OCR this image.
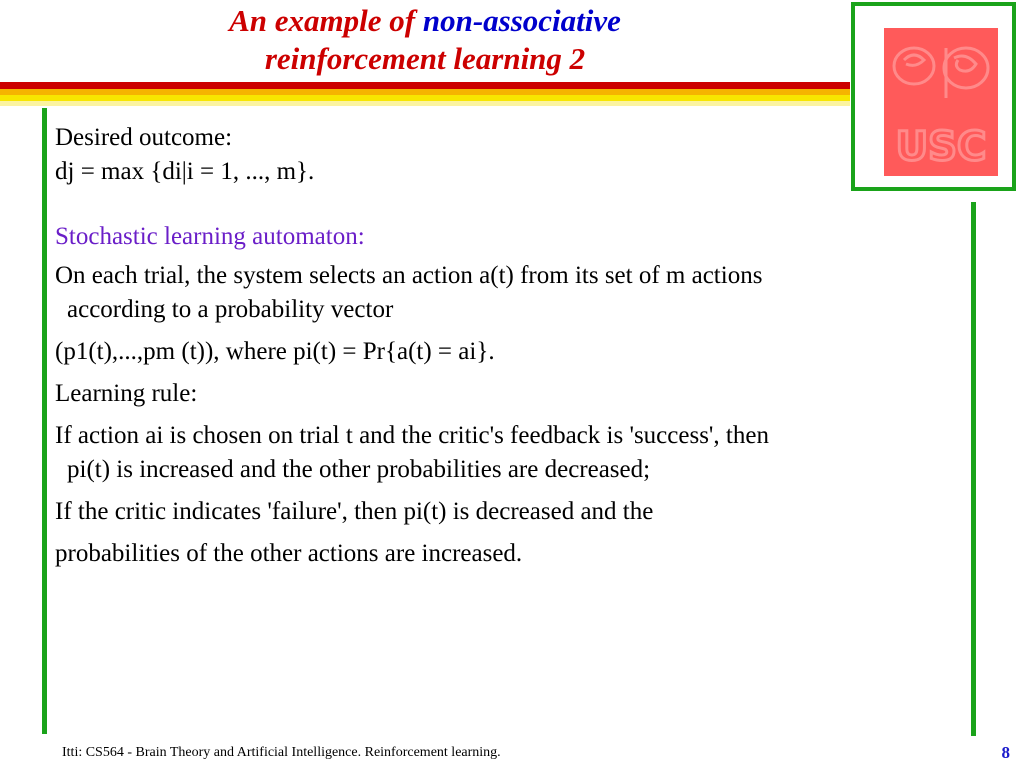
An example of non-associative
reinforcement learning 2
USC

Desired outcome:

dj = max {di|i = 1, ..., m}.

Stochastic learning automaton:

On each trial, the system selects an action a(t) from its set of m actions

according to a probability vector

(p1(t),...,pm (t)), where pi(t) = Pr{a(t) = ai}.

Learning rule:

If action ai is chosen on trial t and the critic's feedback is 'success', then

pi(t) is increased and the other probabilities are decreased;

If the critic indicates 'failure', then pi(t) is decreased and the

probabilities of the other actions are increased.

Itti: CS564 - Brain Theory and Artificial Intelligence. Reinforcement learning.	8
